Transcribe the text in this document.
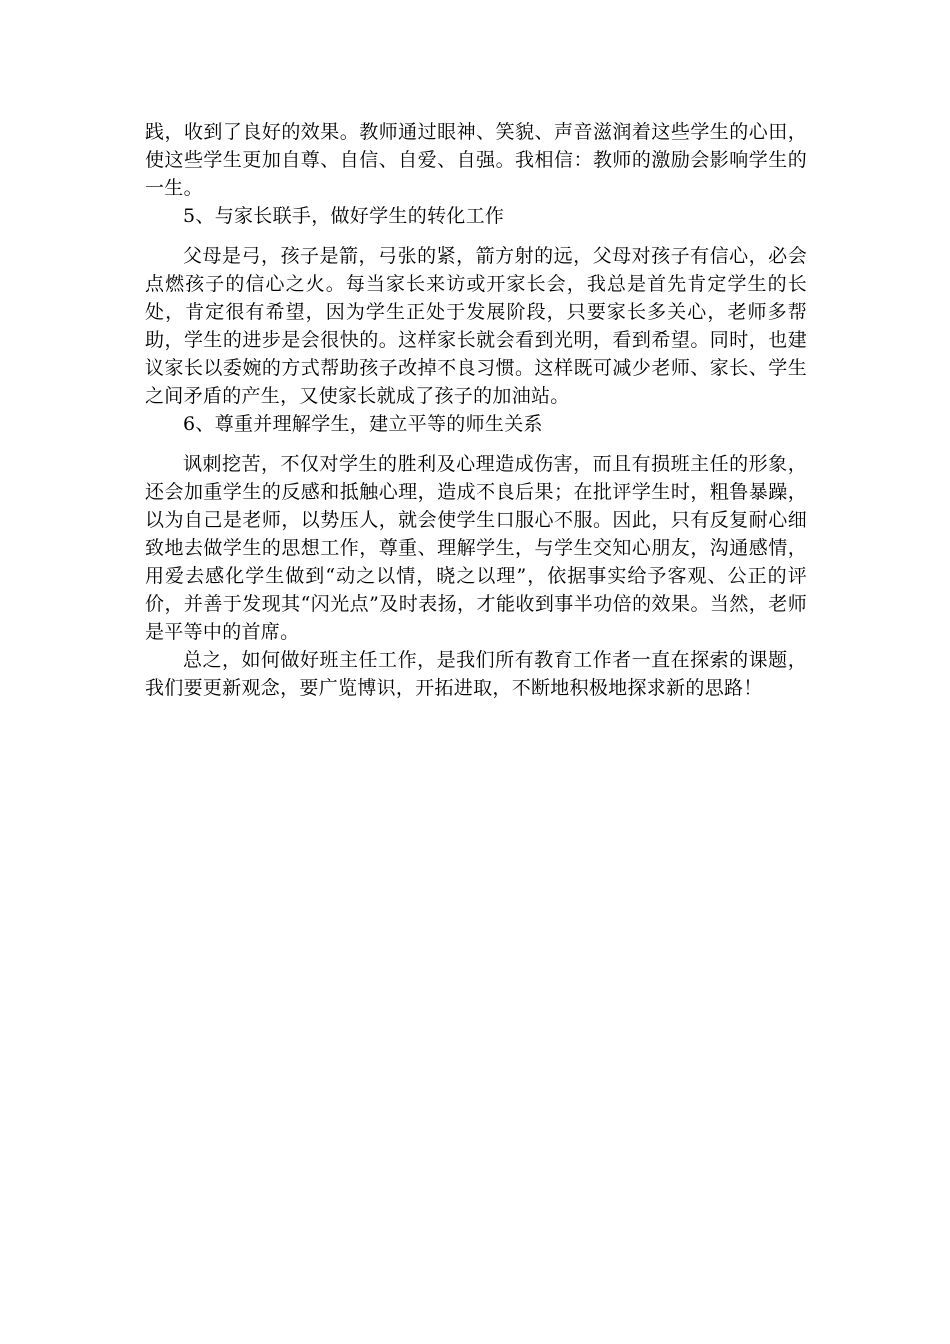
践，收到了良好的效果。教师通过眼神、笑貌、声音滋润着这些学生的心田，使这些学生更加自尊、自信、自爱、自强。我相信：教师的激励会影响学生的一生。

5、与家长联手，做好学生的转化工作

父母是弓，孩子是箭，弓张的紧，箭方射的远，父母对孩子有信心，必会点燃孩子的信心之火。每当家长来访或开家长会，我总是首先肯定学生的长处，肯定很有希望，因为学生正处于发展阶段，只要家长多关心，老师多帮助，学生的进步是会很快的。这样家长就会看到光明，看到希望。同时，也建议家长以委婉的方式帮助孩子改掉不良习惯。这样既可减少老师、家长、学生之间矛盾的产生，又使家长就成了孩子的加油站。

6、尊重并理解学生，建立平等的师生关系

讽刺挖苦，不仅对学生的胜利及心理造成伤害，而且有损班主任的形象，还会加重学生的反感和抵触心理，造成不良后果；在批评学生时，粗鲁暴躁，以为自己是老师，以势压人，就会使学生口服心不服。因此，只有反复耐心细致地去做学生的思想工作，尊重、理解学生，与学生交知心朋友，沟通感情，用爱去感化学生做到“动之以情，晓之以理”，依据事实给予客观、公正的评价，并善于发现其“闪光点”及时表扬，才能收到事半功倍的效果。当然，老师是平等中的首席。

总之，如何做好班主任工作，是我们所有教育工作者一直在探索的课题，我们要更新观念，要广览博识，开拓进取，不断地积极地探求新的思路！
